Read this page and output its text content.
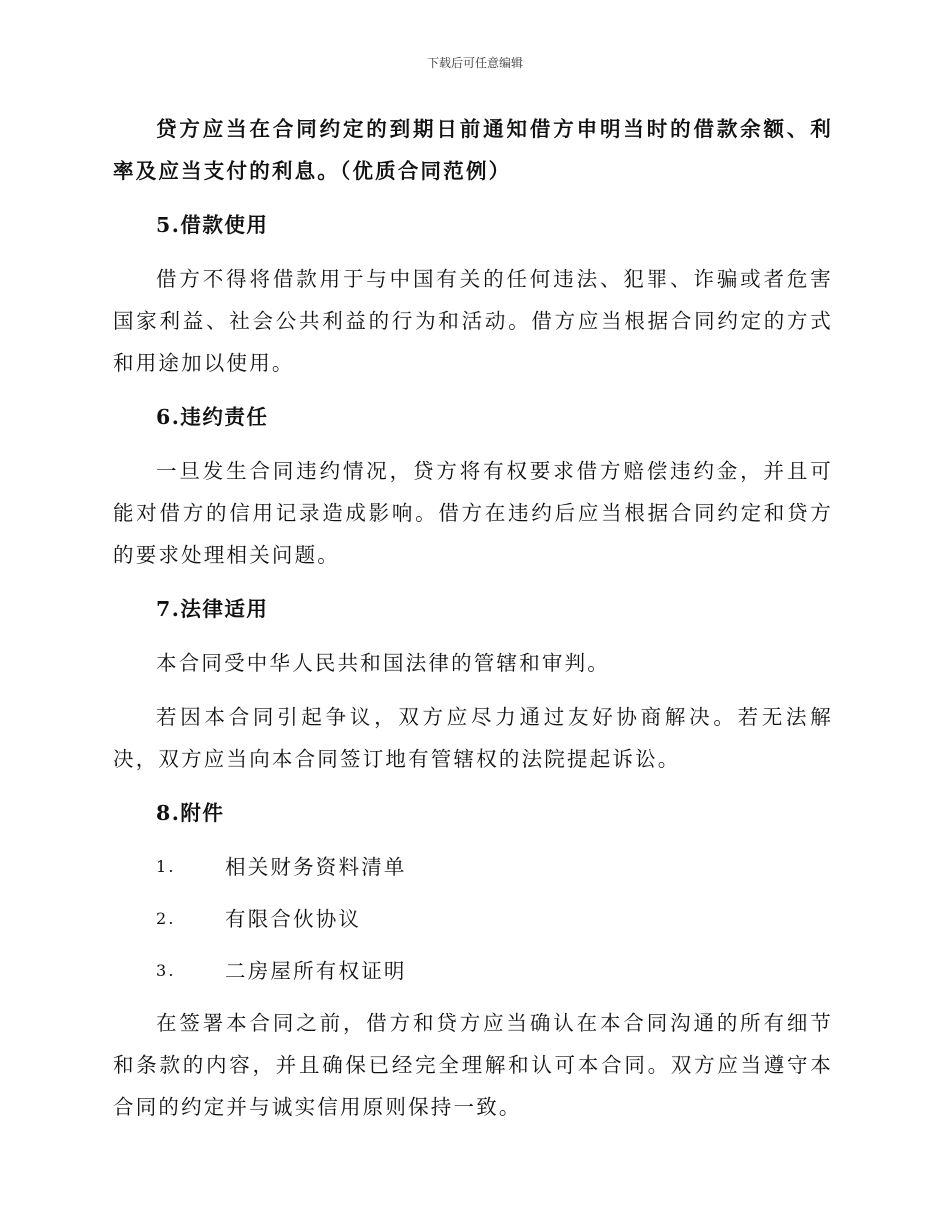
下载后可任意编辑

贷方应当在合同约定的到期日前通知借方申明当时的借款余额、利率及应当支付的利息。（优质合同范例）

5.借款使用

借方不得将借款用于与中国有关的任何违法、犯罪、诈骗或者危害国家利益、社会公共利益的行为和活动。借方应当根据合同约定的方式和用途加以使用。

6.违约责任

一旦发生合同违约情况，贷方将有权要求借方赔偿违约金，并且可能对借方的信用记录造成影响。借方在违约后应当根据合同约定和贷方的要求处理相关问题。

7.法律适用

本合同受中华人民共和国法律的管辖和审判。

若因本合同引起争议，双方应尽力通过友好协商解决。若无法解决，双方应当向本合同签订地有管辖权的法院提起诉讼。

8.附件

1.	相关财务资料清单
2.	有限合伙协议
3.	二房屋所有权证明

在签署本合同之前，借方和贷方应当确认在本合同沟通的所有细节和条款的内容，并且确保已经完全理解和认可本合同。双方应当遵守本合同的约定并与诚实信用原则保持一致。
